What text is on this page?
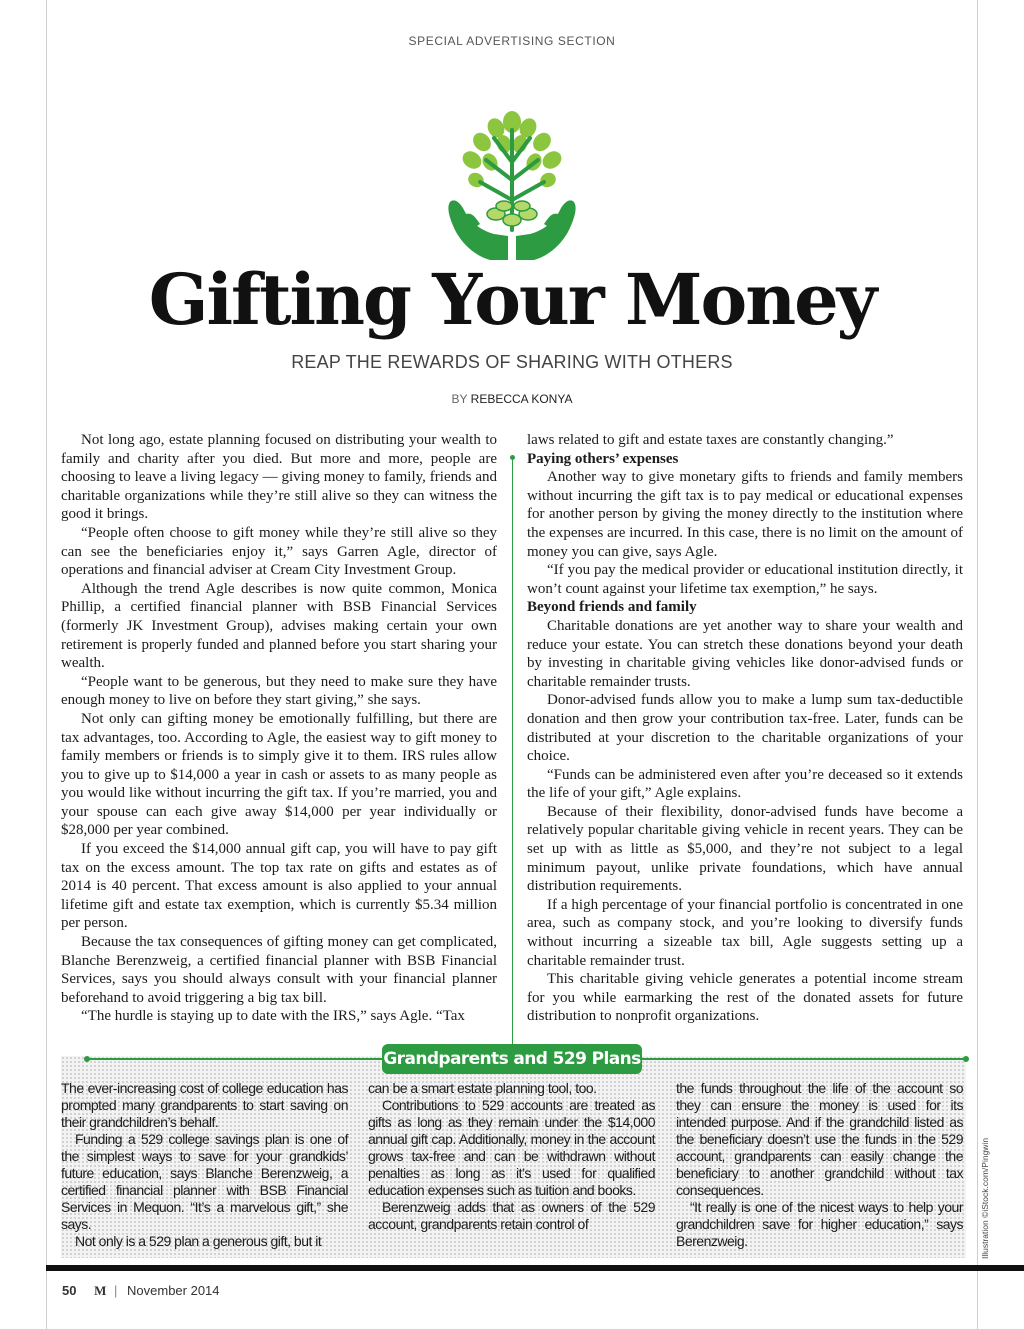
SPECIAL ADVERTISING SECTION
Gifting Your Money
REAP THE REWARDS OF SHARING WITH OTHERS
BY REBECCA KONYA

Not long ago, estate planning focused on distributing your wealth to family and charity after you died. But more and more, people are choosing to leave a living legacy — giving money to family, friends and charitable organizations while they’re still alive so they can witness the good it brings.

“People often choose to gift money while they’re still alive so they can see the beneficiaries enjoy it,” says Garren Agle, director of operations and financial adviser at Cream City Investment Group.

Although the trend Agle describes is now quite common, Monica Phillip, a certified financial planner with BSB Financial Services (formerly JK Investment Group), advises making certain your own retirement is properly funded and planned before you start sharing your wealth.

“People want to be generous, but they need to make sure they have enough money to live on before they start giving,” she says.

Not only can gifting money be emotionally fulfilling, but there are tax advantages, too. According to Agle, the easiest way to gift money to family members or friends is to simply give it to them. IRS rules allow you to give up to $14,000 a year in cash or assets to as many people as you would like without incurring the gift tax. If you’re married, you and your spouse can each give away $14,000 per year individually or $28,000 per year combined.

If you exceed the $14,000 annual gift cap, you will have to pay gift tax on the excess amount. The top tax rate on gifts and estates as of 2014 is 40 percent. That excess amount is also applied to your annual lifetime gift and estate tax exemption, which is currently $5.34 million per person.

Because the tax consequences of gifting money can get complicated, Blanche Berenzweig, a certified financial planner with BSB Financial Services, says you should always consult with your financial planner beforehand to avoid triggering a big tax bill.

“The hurdle is staying up to date with the IRS,” says Agle. “Tax

laws related to gift and estate taxes are constantly changing.”

Paying others’ expenses

Another way to give monetary gifts to friends and family members without incurring the gift tax is to pay medical or educational expenses for another person by giving the money directly to the institution where the expenses are incurred. In this case, there is no limit on the amount of money you can give, says Agle.

“If you pay the medical provider or educational institution directly, it won’t count against your lifetime tax exemption,” he says.

Beyond friends and family

Charitable donations are yet another way to share your wealth and reduce your estate. You can stretch these donations beyond your death by investing in charitable giving vehicles like donor-advised funds or charitable remainder trusts.

Donor-advised funds allow you to make a lump sum tax-deductible donation and then grow your contribution tax-free. Later, funds can be distributed at your discretion to the charitable organizations of your choice.

“Funds can be administered even after you’re deceased so it extends the life of your gift,” Agle explains.

Because of their flexibility, donor-advised funds have become a relatively popular charitable giving vehicle in recent years. They can be set up with as little as $5,000, and they’re not subject to a legal minimum payout, unlike private foundations, which have annual distribution requirements.

If a high percentage of your financial portfolio is concentrated in one area, such as company stock, and you’re looking to diversify funds without incurring a sizeable tax bill, Agle suggests setting up a charitable remainder trust.

This charitable giving vehicle generates a potential income stream for you while earmarking the rest of the donated assets for future distribution to nonprofit organizations.

Grandparents and 529 Plans

The ever-increasing cost of college education has prompted many grandparents to start saving on their grandchildren’s behalf.

Funding a 529 college savings plan is one of the simplest ways to save for your grandkids’ future education, says Blanche Berenzweig, a certified financial planner with BSB Financial Services in Mequon. “It’s a marvelous gift,” she says.

Not only is a 529 plan a generous gift, but it

can be a smart estate planning tool, too.

Contributions to 529 accounts are treated as gifts as long as they remain under the $14,000 annual gift cap. Additionally, money in the account grows tax-free and can be withdrawn without penalties as long as it’s used for qualified education expenses such as tuition and books.

Berenzweig adds that as owners of the 529 account, grandparents retain control of

the funds throughout the life of the account so they can ensure the money is used for its intended purpose. And if the grandchild listed as the beneficiary doesn’t use the funds in the 529 account, grandparents can easily change the beneficiary to another grandchild without tax consequences.

“It really is one of the nicest ways to help your grandchildren save for higher education,” says Berenzweig.	Illustration ©iStock.com/Pingwin
50 M | November 2014
